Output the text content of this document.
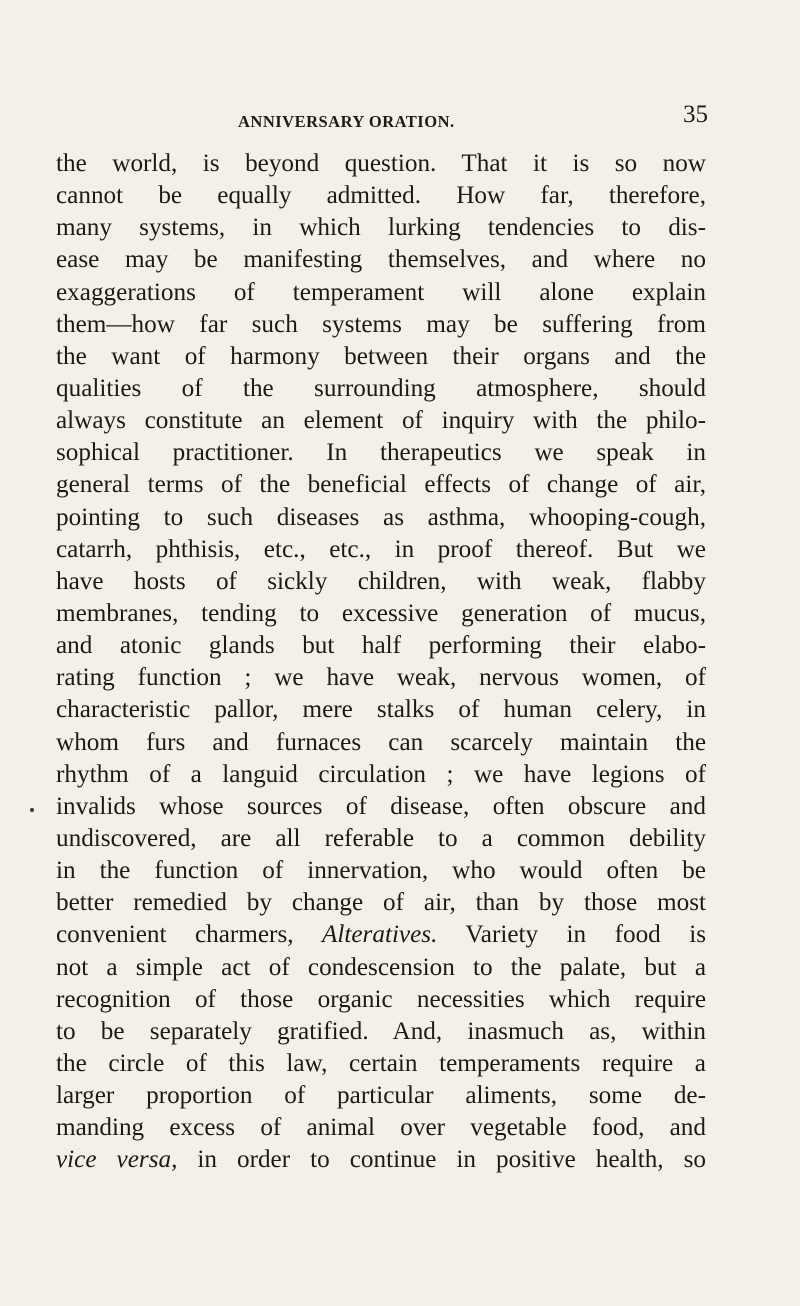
ANNIVERSARY ORATION.	35
the world, is beyond question. That it is so now
cannot be equally admitted. How far, therefore,
many systems, in which lurking tendencies to dis-
ease may be manifesting themselves, and where no
exaggerations of temperament will alone explain
them—how far such systems may be suffering from
the want of harmony between their organs and the
qualities of the surrounding atmosphere, should
always constitute an element of inquiry with the philo-
sophical practitioner. In therapeutics we speak in
general terms of the beneficial effects of change of air,
pointing to such diseases as asthma, whooping-cough,
catarrh, phthisis, etc., etc., in proof thereof. But we
have hosts of sickly children, with weak, flabby
membranes, tending to excessive generation of mucus,
and atonic glands but half performing their elabo-
rating function ; we have weak, nervous women, of
characteristic pallor, mere stalks of human celery, in
whom furs and furnaces can scarcely maintain the
rhythm of a languid circulation ; we have legions of
invalids whose sources of disease, often obscure and
undiscovered, are all referable to a common debility
in the function of innervation, who would often be
better remedied by change of air, than by those most
convenient charmers, Alteratives. Variety in food is
not a simple act of condescension to the palate, but a
recognition of those organic necessities which require
to be separately gratified. And, inasmuch as, within
the circle of this law, certain temperaments require a
larger proportion of particular aliments, some de-
manding excess of animal over vegetable food, and
vice versa, in order to continue in positive health, so
